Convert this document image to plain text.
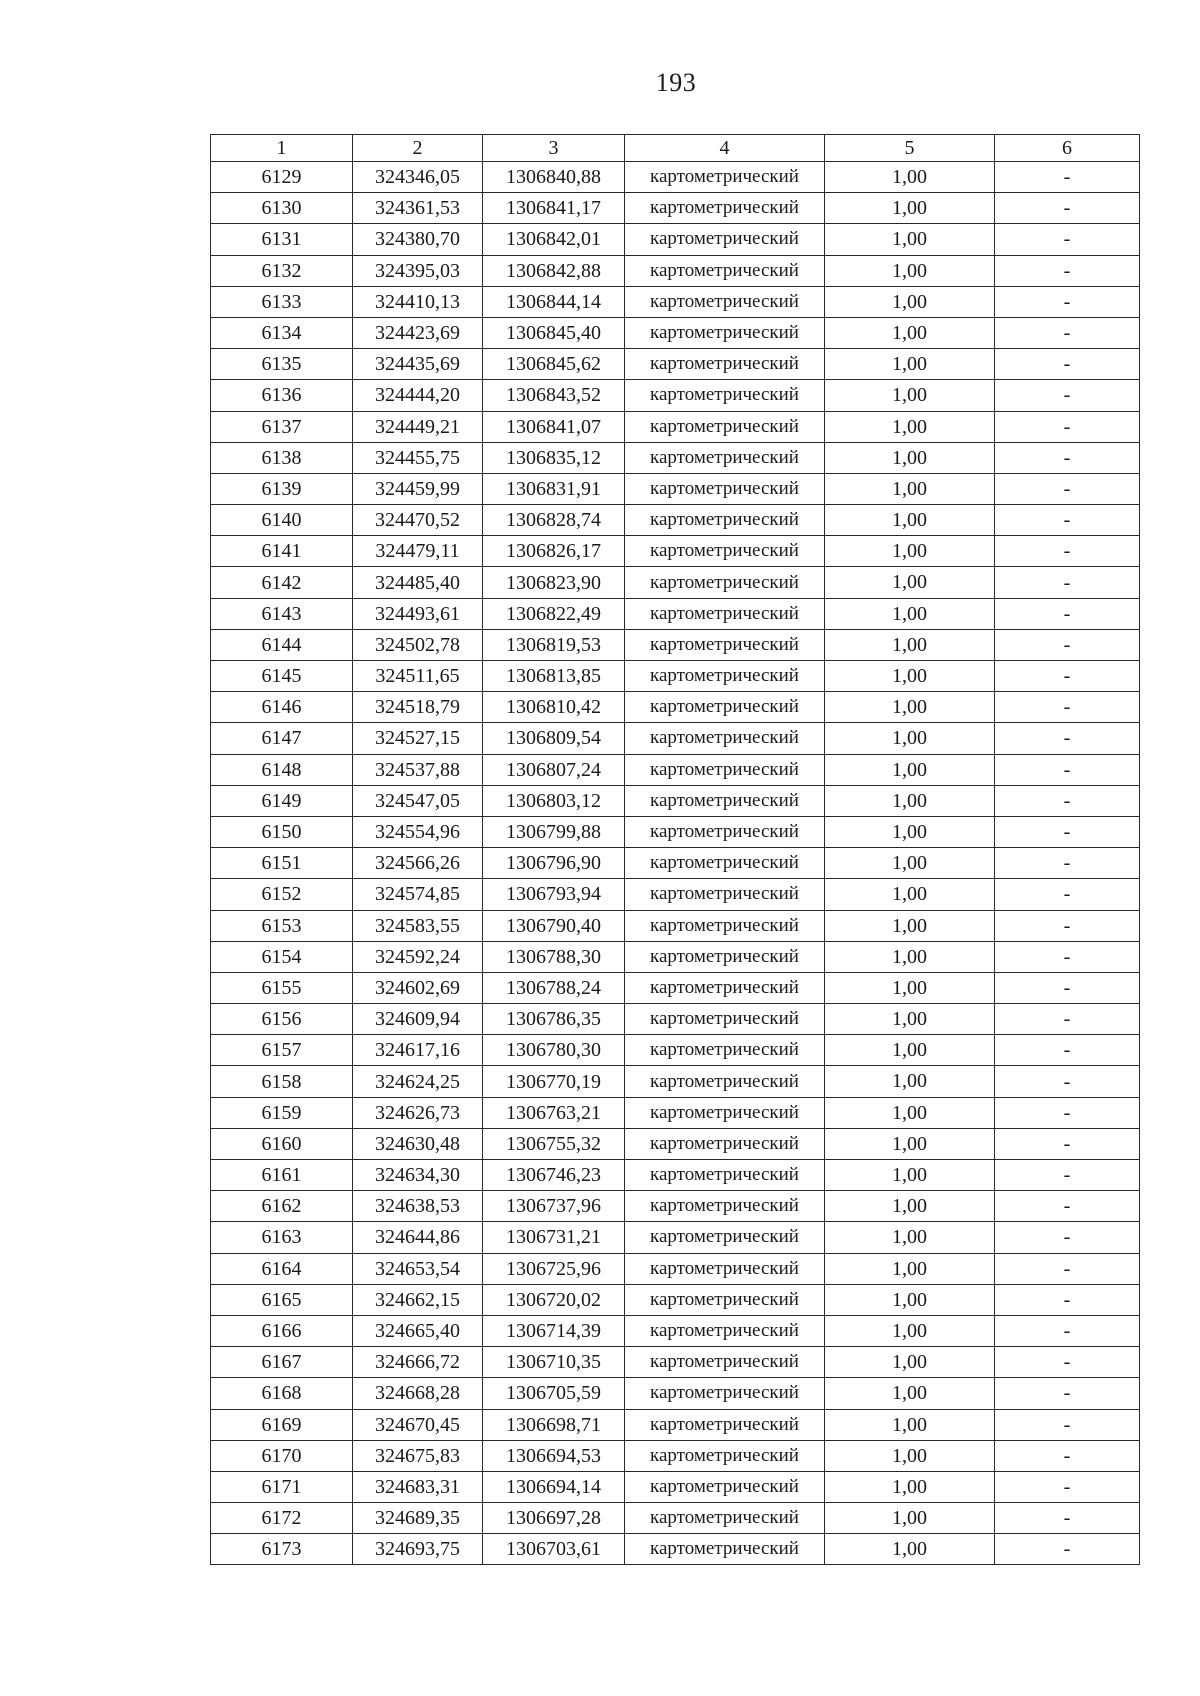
193
1	2	3	4	5	6
6129	324346,05	1306840,88	картометрический	1,00	-
6130	324361,53	1306841,17	картометрический	1,00	-
6131	324380,70	1306842,01	картометрический	1,00	-
6132	324395,03	1306842,88	картометрический	1,00	-
6133	324410,13	1306844,14	картометрический	1,00	-
6134	324423,69	1306845,40	картометрический	1,00	-
6135	324435,69	1306845,62	картометрический	1,00	-
6136	324444,20	1306843,52	картометрический	1,00	-
6137	324449,21	1306841,07	картометрический	1,00	-
6138	324455,75	1306835,12	картометрический	1,00	-
6139	324459,99	1306831,91	картометрический	1,00	-
6140	324470,52	1306828,74	картометрический	1,00	-
6141	324479,11	1306826,17	картометрический	1,00	-
6142	324485,40	1306823,90	картометрический	1,00	-
6143	324493,61	1306822,49	картометрический	1,00	-
6144	324502,78	1306819,53	картометрический	1,00	-
6145	324511,65	1306813,85	картометрический	1,00	-
6146	324518,79	1306810,42	картометрический	1,00	-
6147	324527,15	1306809,54	картометрический	1,00	-
6148	324537,88	1306807,24	картометрический	1,00	-
6149	324547,05	1306803,12	картометрический	1,00	-
6150	324554,96	1306799,88	картометрический	1,00	-
6151	324566,26	1306796,90	картометрический	1,00	-
6152	324574,85	1306793,94	картометрический	1,00	-
6153	324583,55	1306790,40	картометрический	1,00	-
6154	324592,24	1306788,30	картометрический	1,00	-
6155	324602,69	1306788,24	картометрический	1,00	-
6156	324609,94	1306786,35	картометрический	1,00	-
6157	324617,16	1306780,30	картометрический	1,00	-
6158	324624,25	1306770,19	картометрический	1,00	-
6159	324626,73	1306763,21	картометрический	1,00	-
6160	324630,48	1306755,32	картометрический	1,00	-
6161	324634,30	1306746,23	картометрический	1,00	-
6162	324638,53	1306737,96	картометрический	1,00	-
6163	324644,86	1306731,21	картометрический	1,00	-
6164	324653,54	1306725,96	картометрический	1,00	-
6165	324662,15	1306720,02	картометрический	1,00	-
6166	324665,40	1306714,39	картометрический	1,00	-
6167	324666,72	1306710,35	картометрический	1,00	-
6168	324668,28	1306705,59	картометрический	1,00	-
6169	324670,45	1306698,71	картометрический	1,00	-
6170	324675,83	1306694,53	картометрический	1,00	-
6171	324683,31	1306694,14	картометрический	1,00	-
6172	324689,35	1306697,28	картометрический	1,00	-
6173	324693,75	1306703,61	картометрический	1,00	-
